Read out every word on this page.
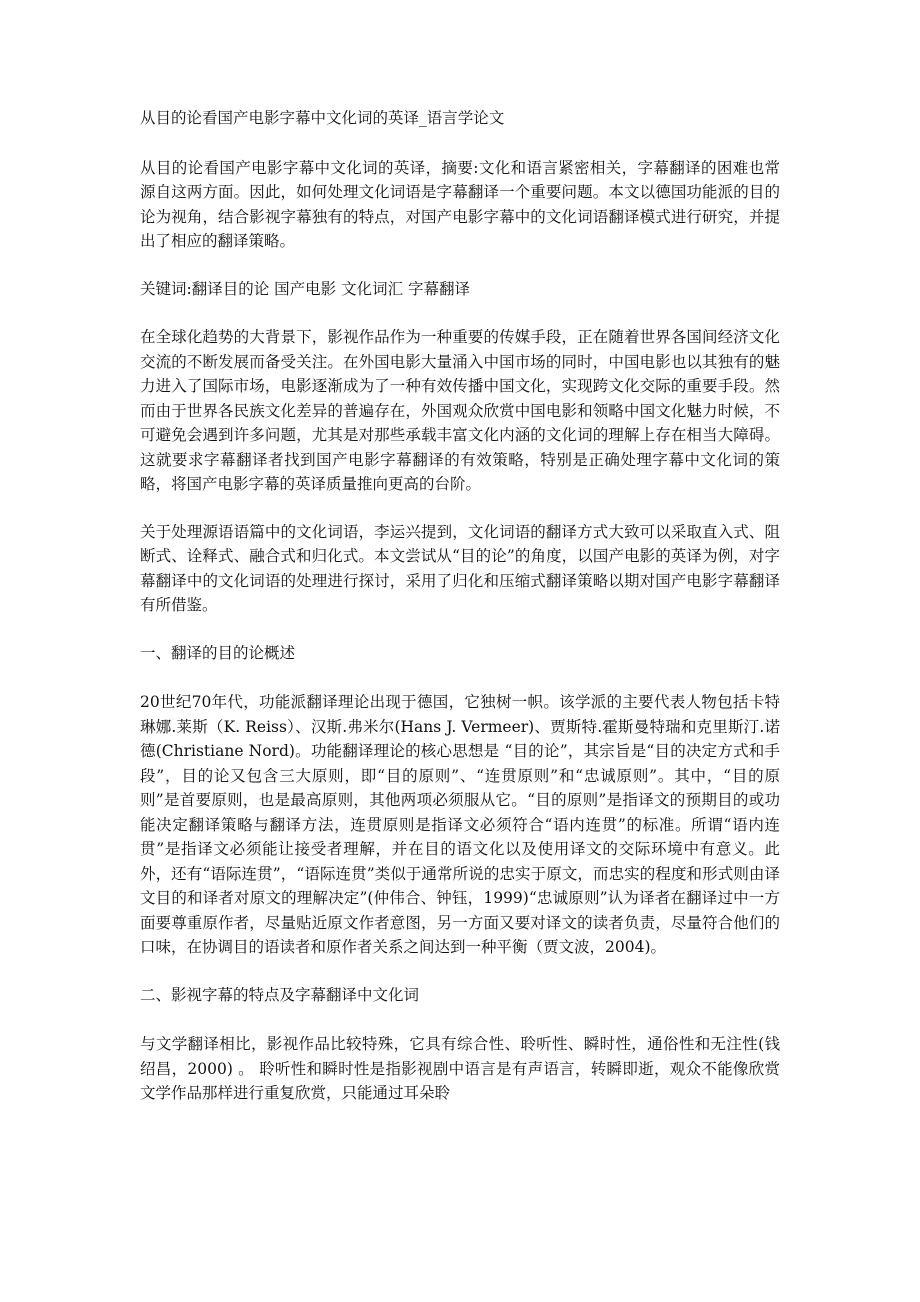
从目的论看国产电影字幕中文化词的英译_语言学论文

从目的论看国产电影字幕中文化词的英译，摘要:文化和语言紧密相关，字幕翻译的困难也常源自这两方面。因此，如何处理文化词语是字幕翻译一个重要问题。本文以德国功能派的目的论为视角，结合影视字幕独有的特点，对国产电影字幕中的文化词语翻译模式进行研究，并提出了相应的翻译策略。

关键词:翻译目的论 国产电影 文化词汇 字幕翻译

在全球化趋势的大背景下，影视作品作为一种重要的传媒手段，正在随着世界各国间经济文化交流的不断发展而备受关注。在外国电影大量涌入中国市场的同时，中国电影也以其独有的魅力进入了国际市场，电影逐渐成为了一种有效传播中国文化，实现跨文化交际的重要手段。然而由于世界各民族文化差异的普遍存在，外国观众欣赏中国电影和领略中国文化魅力时候，不可避免会遇到许多问题，尤其是对那些承载丰富文化内涵的文化词的理解上存在相当大障碍。这就要求字幕翻译者找到国产电影字幕翻译的有效策略，特别是正确处理字幕中文化词的策略，将国产电影字幕的英译质量推向更高的台阶。

关于处理源语语篇中的文化词语，李运兴提到，文化词语的翻译方式大致可以采取直入式、阻断式、诠释式、融合式和归化式。本文尝试从“目的论”的角度，以国产电影的英译为例，对字幕翻译中的文化词语的处理进行探讨，采用了归化和压缩式翻译策略以期对国产电影字幕翻译有所借鉴。

一、翻译的目的论概述

20世纪70年代，功能派翻译理论出现于德国，它独树一帜。该学派的主要代表人物包括卡特琳娜.莱斯（K. Reiss）、汉斯.弗米尔(Hans J. Vermeer)、贾斯特.霍斯曼特瑞和克里斯汀.诺德(Christiane Nord)。功能翻译理论的核心思想是 “目的论”，其宗旨是“目的决定方式和手段”，目的论又包含三大原则，即“目的原则”、“连贯原则”和“忠诚原则”。其中，“目的原则”是首要原则，也是最高原则，其他两项必须服从它。“目的原则”是指译文的预期目的或功能决定翻译策略与翻译方法，连贯原则是指译文必须符合“语内连贯”的标准。所谓“语内连贯”是指译文必须能让接受者理解，并在目的语文化以及使用译文的交际环境中有意义。此外，还有“语际连贯”，“语际连贯”类似于通常所说的忠实于原文，而忠实的程度和形式则由译文目的和译者对原文的理解决定”(仲伟合、钟钰，1999)“忠诚原则”认为译者在翻译过中一方面要尊重原作者，尽量贴近原文作者意图，另一方面又要对译文的读者负责，尽量符合他们的口味，在协调目的语读者和原作者关系之间达到一种平衡（贾文波，2004)。

二、影视字幕的特点及字幕翻译中文化词

与文学翻译相比，影视作品比较特殊，它具有综合性、聆听性、瞬时性，通俗性和无注性(钱绍昌，2000) 。 聆听性和瞬时性是指影视剧中语言是有声语言，转瞬即逝，观众不能像欣赏文学作品那样进行重复欣赏，只能通过耳朵聆
